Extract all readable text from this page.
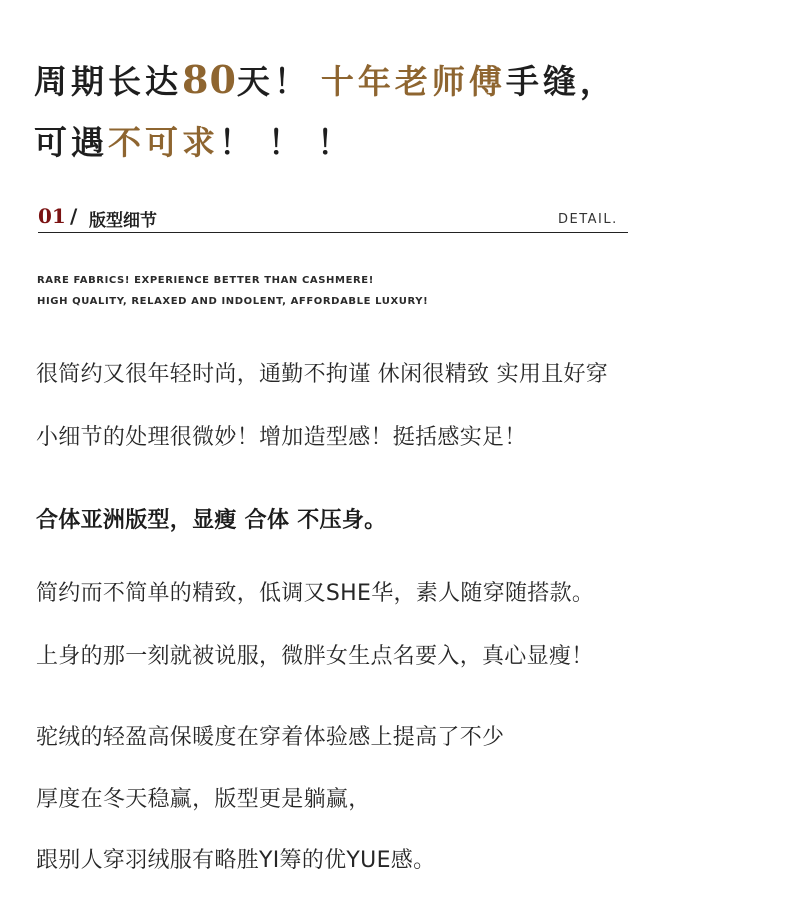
周期长达80天！ 十年老师傅手缝，
可遇不可求！！！
01 / 版型细节	DETAIL.
RARE FABRICS! EXPERIENCE BETTER THAN CASHMERE!
HIGH QUALITY, RELAXED AND INDOLENT, AFFORDABLE LUXURY!
很简约又很年轻时尚，通勤不拘谨 休闲很精致 实用且好穿
小细节的处理很微妙！增加造型感！挺括感实足！
合体亚洲版型，显瘦 合体 不压身。
简约而不简单的精致，低调又SHE华，素人随穿随搭款。
上身的那一刻就被说服，微胖女生点名要入，真心显瘦！
驼绒的轻盈高保暖度在穿着体验感上提高了不少
厚度在冬天稳赢，版型更是躺赢，
跟别人穿羽绒服有略胜YI筹的优YUE感。
